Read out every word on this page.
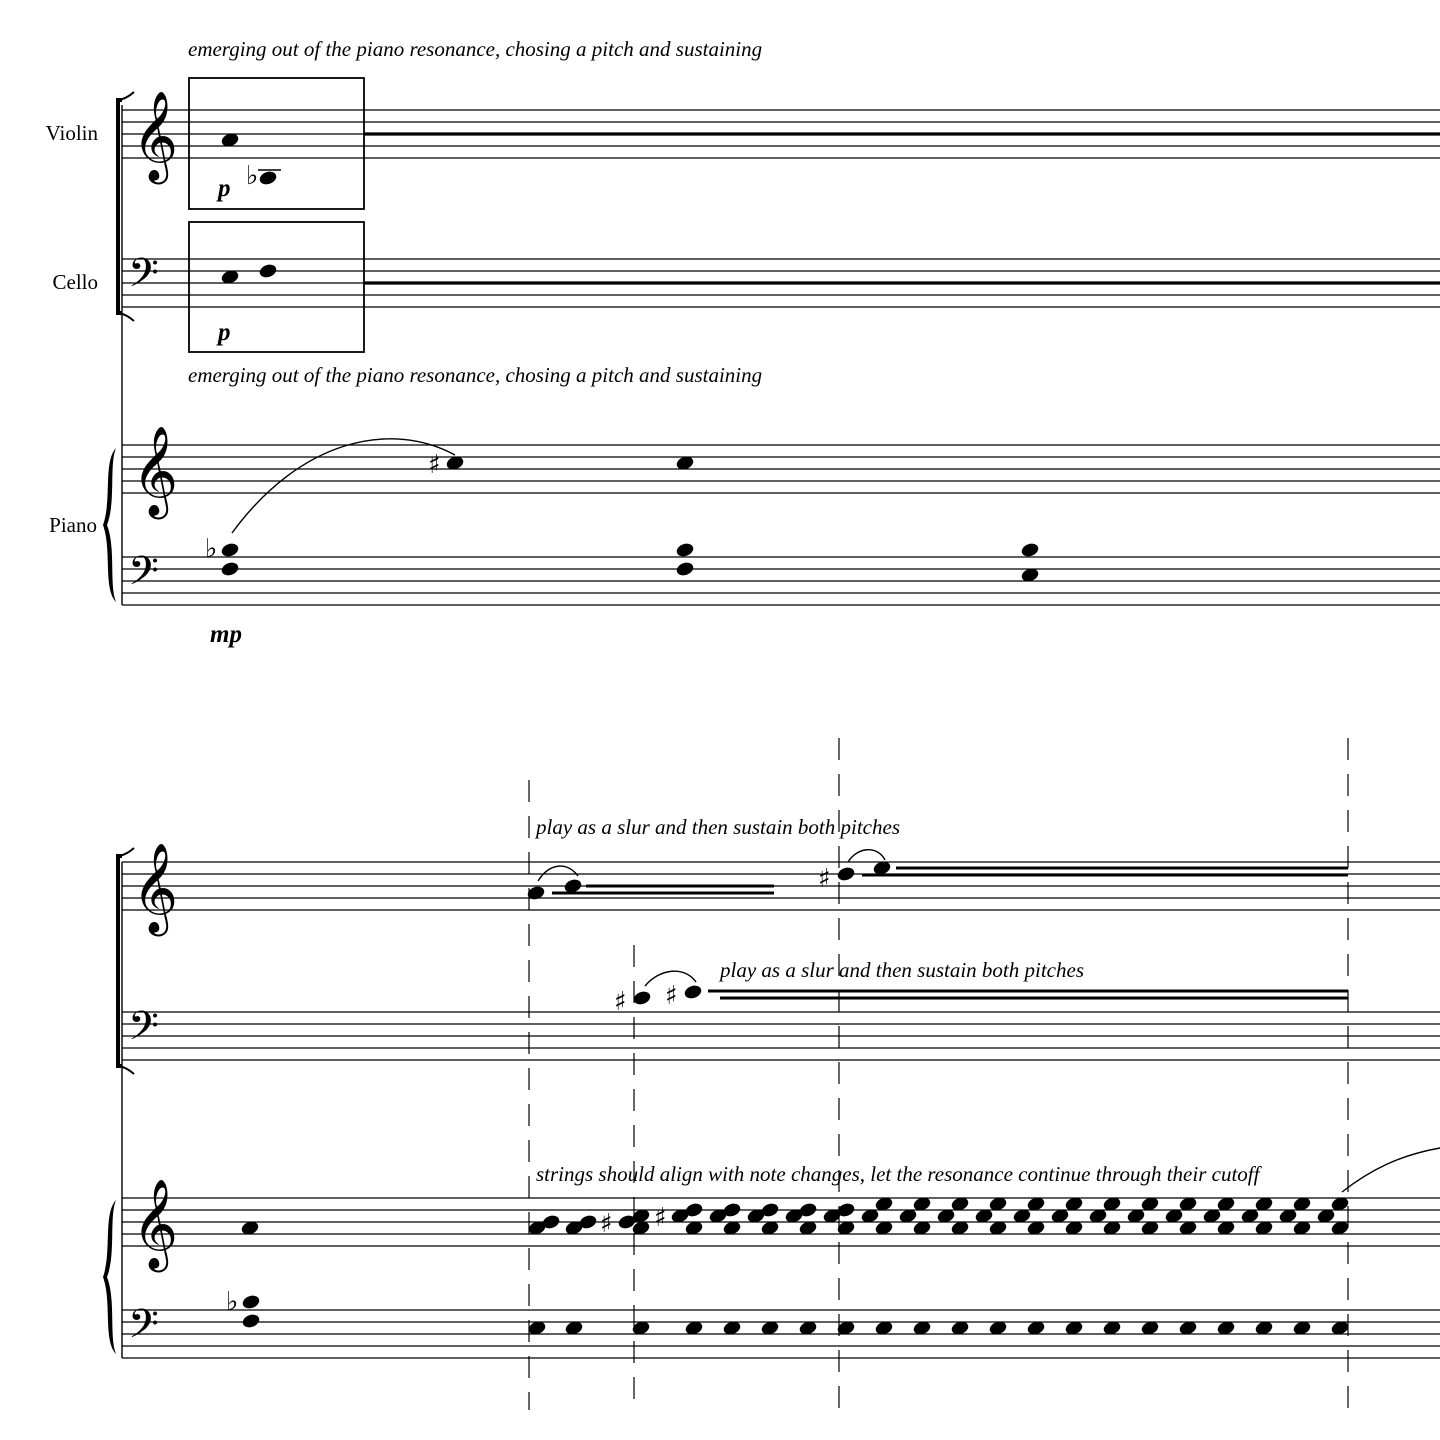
Violin
Cello
Piano
𝄞
𝄢
emerging out of the piano resonance, chosing a pitch and sustaining
emerging out of the piano resonance, chosing a pitch and sustaining
♭
p
p
𝄞
𝄢 ♭
♯
mp
𝄞
𝄢
play as a slur and then sustain both pitches
♯
play as a slur and then sustain both pitches
♯ ♯
𝄞
𝄢
strings should align with note changes, let the resonance continue through their cutoff
♭
♯ ♯
